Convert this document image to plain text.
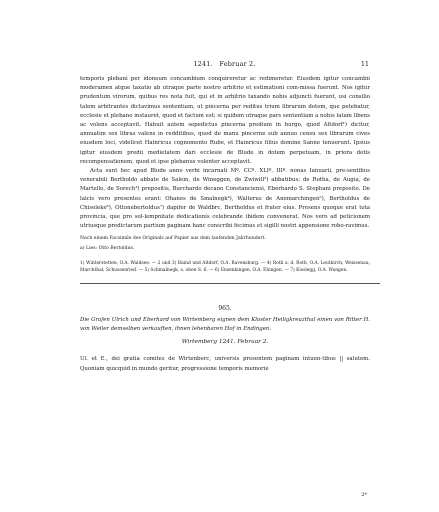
1241. Februar 2.	11

temporis plebani per idoneum concambium conquireretur ac redimeretur. Eiusdem igitur concambii moderamen atque taxatio ab utraque parte nostro arbitrio et estimationi com-missa fuerunt. Nos igitur prudentum virorum, quibus res nota fuit, qui et in arbitrio taxando nobis adjuncti fuerunt, usi consilio talem arbitrantes dictavimus sententiam, ut pincerna per reditus trium librarum dotem, que petebatur, ecclesie et plebano instauret, quod et factum est; si quidem utraque pars sententiam a nobis latam libens ac volens acceptavit. Habuit autem sepedictus pincerna predium in burgo, quod Altdorf¹) dicitur, annuatim sex libras valens in redditibus, quod de manu pincerne sub annuo censu sex librarum cives eiusdem loci, videlicet Hainricus cognomento Rube, et Hainricus filius domine Sanne tenuerunt. Ipsius igitur eiusdem predii medietatem dari ecclesie de Blude in dotem perpetuam, in priora dotis recompensationem, quod et ipse plebanus volenter acceptavit.

Acta sunt hec apud Blude anno verbi incarnati Mº. CCº. XLIº, IIIº. nonas Ianuarii, pre-sentibus venerabili Bertholdo abbate de Salem, de Wineggen, de Zwiwill²) abbatibus; de Rotha, de Augia, de Martello, de Sorech³) prepositis, Burchardo decano Constanciensi, Eberhardo S. Stephani preposito. De laicis vero presentes erant: Ohanes de Smalnegk⁴), Walterus de Anemarchingen⁵), Bertholdus de Chiseleke⁶), Ottonebertoldus⁷) dapifer de Waldbrc, Bertholdus et frater eius. Presens quoque erat tota provincia, que pro sol-lempnitate dedicationis celebrande ibidem convenerat. Nos vero ad peticionem utriusque predictarum partium paginam hanc conscribi fecimus et sigilli nostri appensione robo-ravimus.

Nach einem Facsimile des Originals auf Papier aus dem laufenden Jahrhundert.
a) Lies: Otto Bertoldus.
1) Winterstetten, O.A. Waldsee. — 2 und 3) Baind und Altdorf, O.A. Ravensburg. — 4) Roth a. d. Roth, O.A. Leutkirch; Weissenau; Marchthal; Schussenried. — 5) Schmalnegk, s. oben S. 6. — 6) Ensenkingen, O.A. Ehingen. — 7) Kisslegg, O.A. Wangen.
965.
Die Grafen Ulrich und Eberhard von Wirtemberg eignen dem Kloster Heiligkreuzthal einen von Ritter H. von Weiler demselben verkauften, ihnen lehenbaren Hof in Endingen.
Wirtemberg 1241. Februar 2.
Ul. et E., dei gratia comites de Wirtenberc, universis presentem paginam intuen-tibus || salutem. Quoniam quicquid in mundo geritur, progressione temporis memorie
2*
